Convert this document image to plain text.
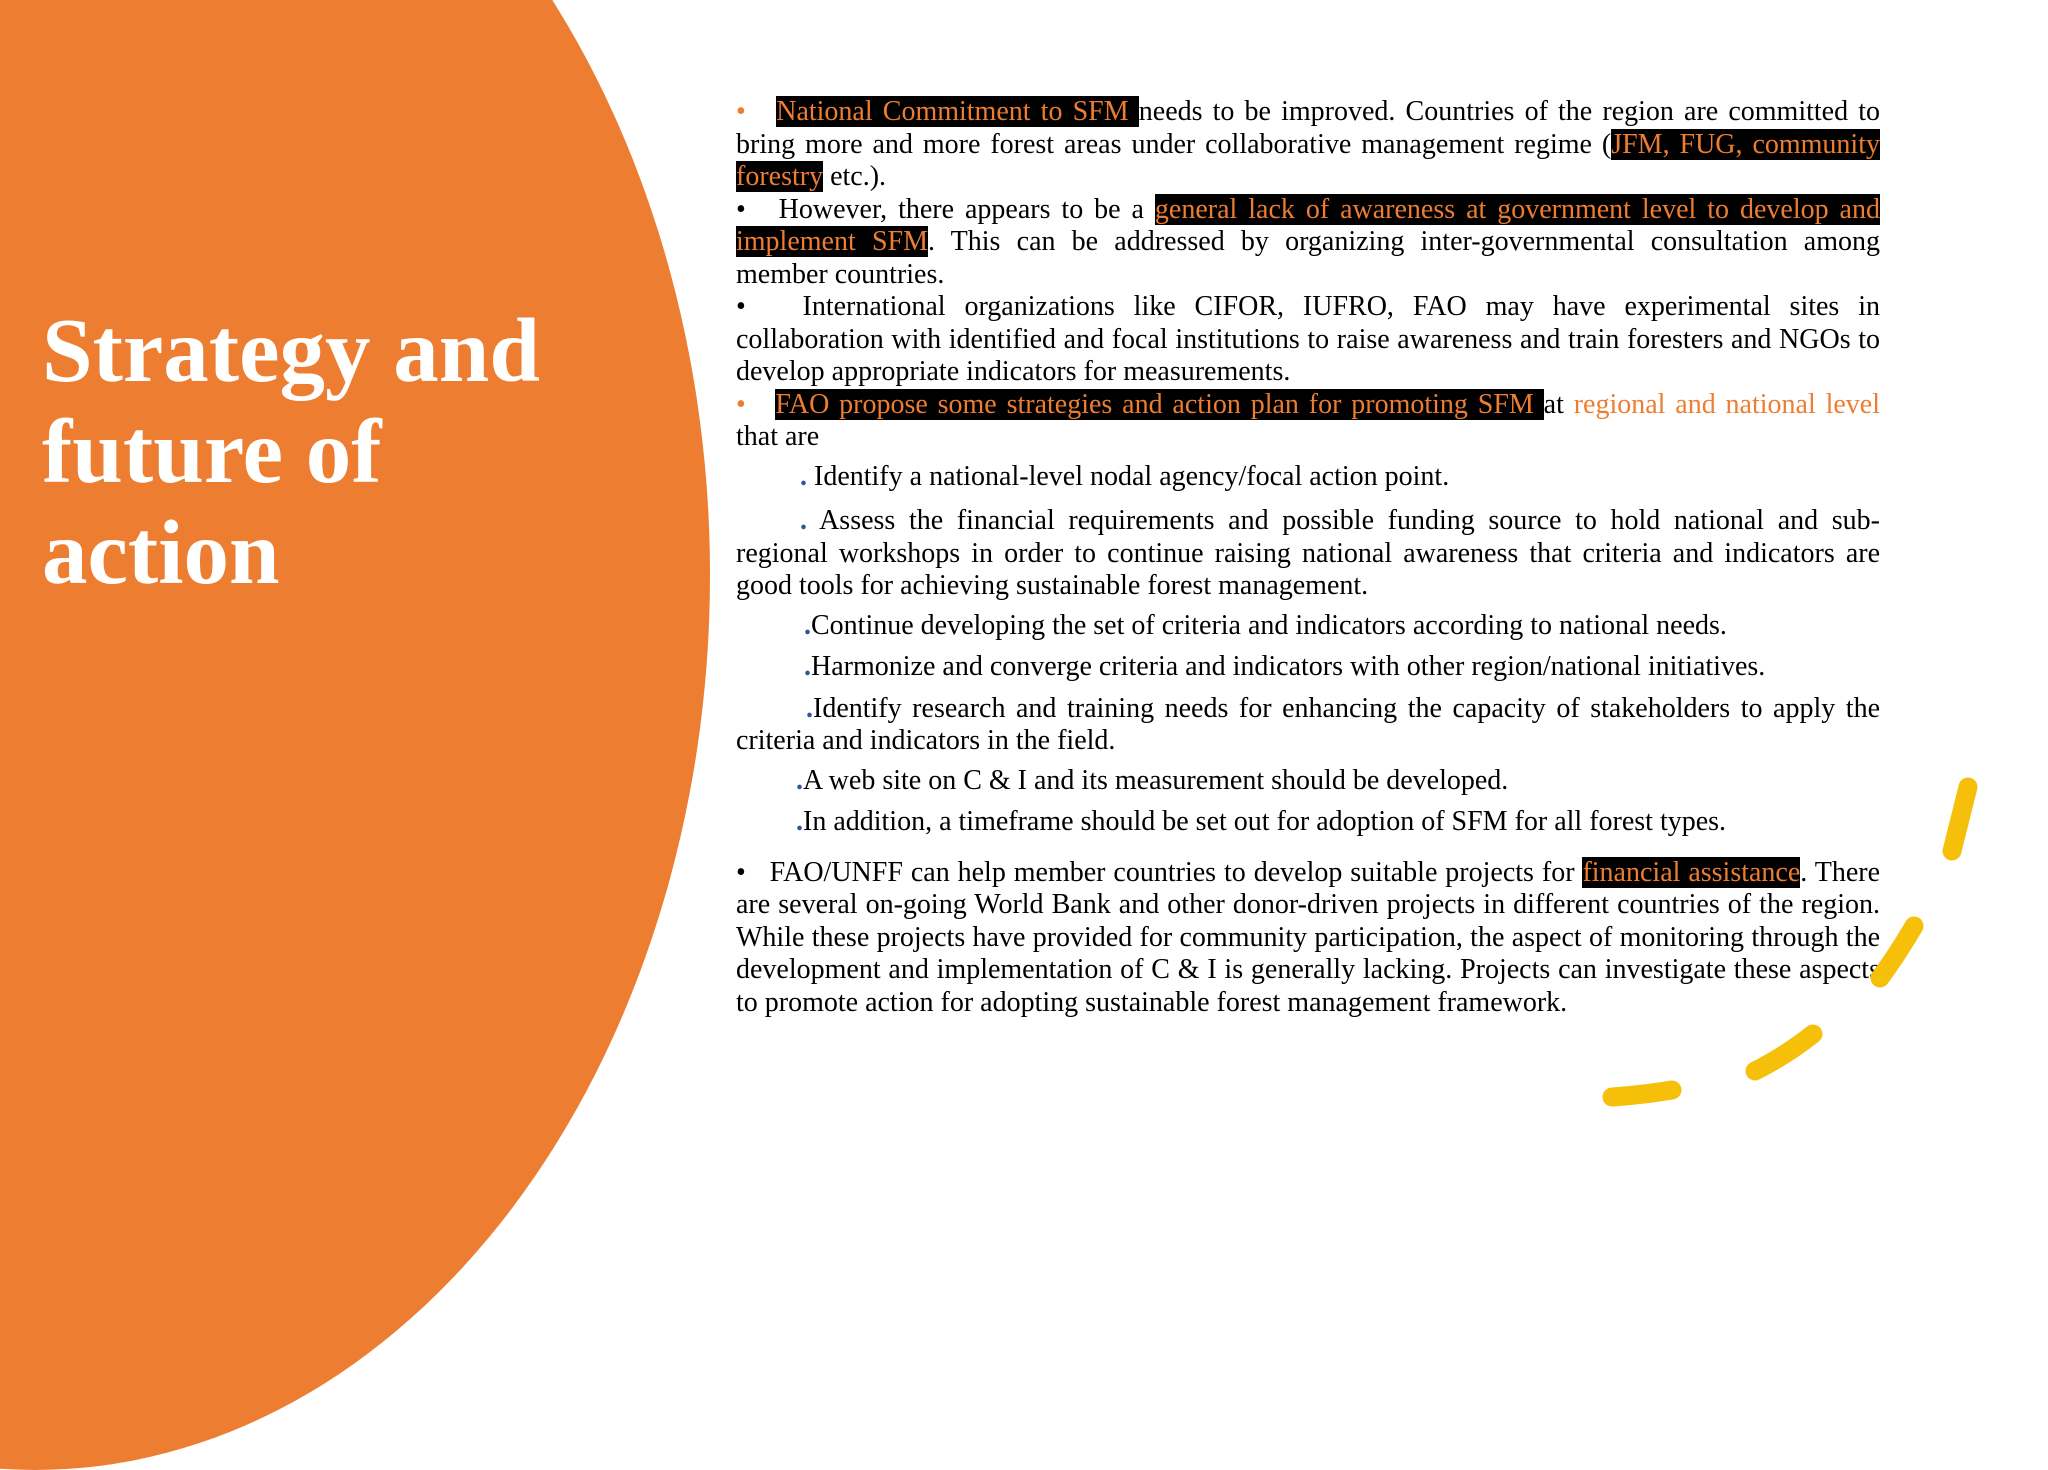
Strategy and
future of
action

• National Commitment to SFM needs to be improved. Countries of the region are committed to bring more and more forest areas under collaborative management regime (JFM, FUG, community forestry etc.).

• However, there appears to be a general lack of awareness at government level to develop and implement SFM. This can be addressed by organizing inter-governmental consultation among member countries.

• International organizations like CIFOR, IUFRO, FAO may have experimental sites in collaboration with identified and focal institutions to raise awareness and train foresters and NGOs to develop appropriate indicators for measurements.

• FAO propose some strategies and action plan for promoting SFM at regional and national level that are

. Identify a national-level nodal agency/focal action point.

. Assess the financial requirements and possible funding source to hold national and sub-regional workshops in order to continue raising national awareness that criteria and indicators are good tools for achieving sustainable forest management.

.Continue developing the set of criteria and indicators according to national needs.

.Harmonize and converge criteria and indicators with other region/national initiatives.

.Identify research and training needs for enhancing the capacity of stakeholders to apply the criteria and indicators in the field.

.A web site on C & I and its measurement should be developed.

.In addition, a timeframe should be set out for adoption of SFM for all forest types.

• FAO/UNFF can help member countries to develop suitable projects for financial assistance. There are several on-going World Bank and other donor-driven projects in different countries of the region. While these projects have provided for community participation, the aspect of monitoring through the development and implementation of C & I is generally lacking. Projects can investigate these aspects to promote action for adopting sustainable forest management framework.
